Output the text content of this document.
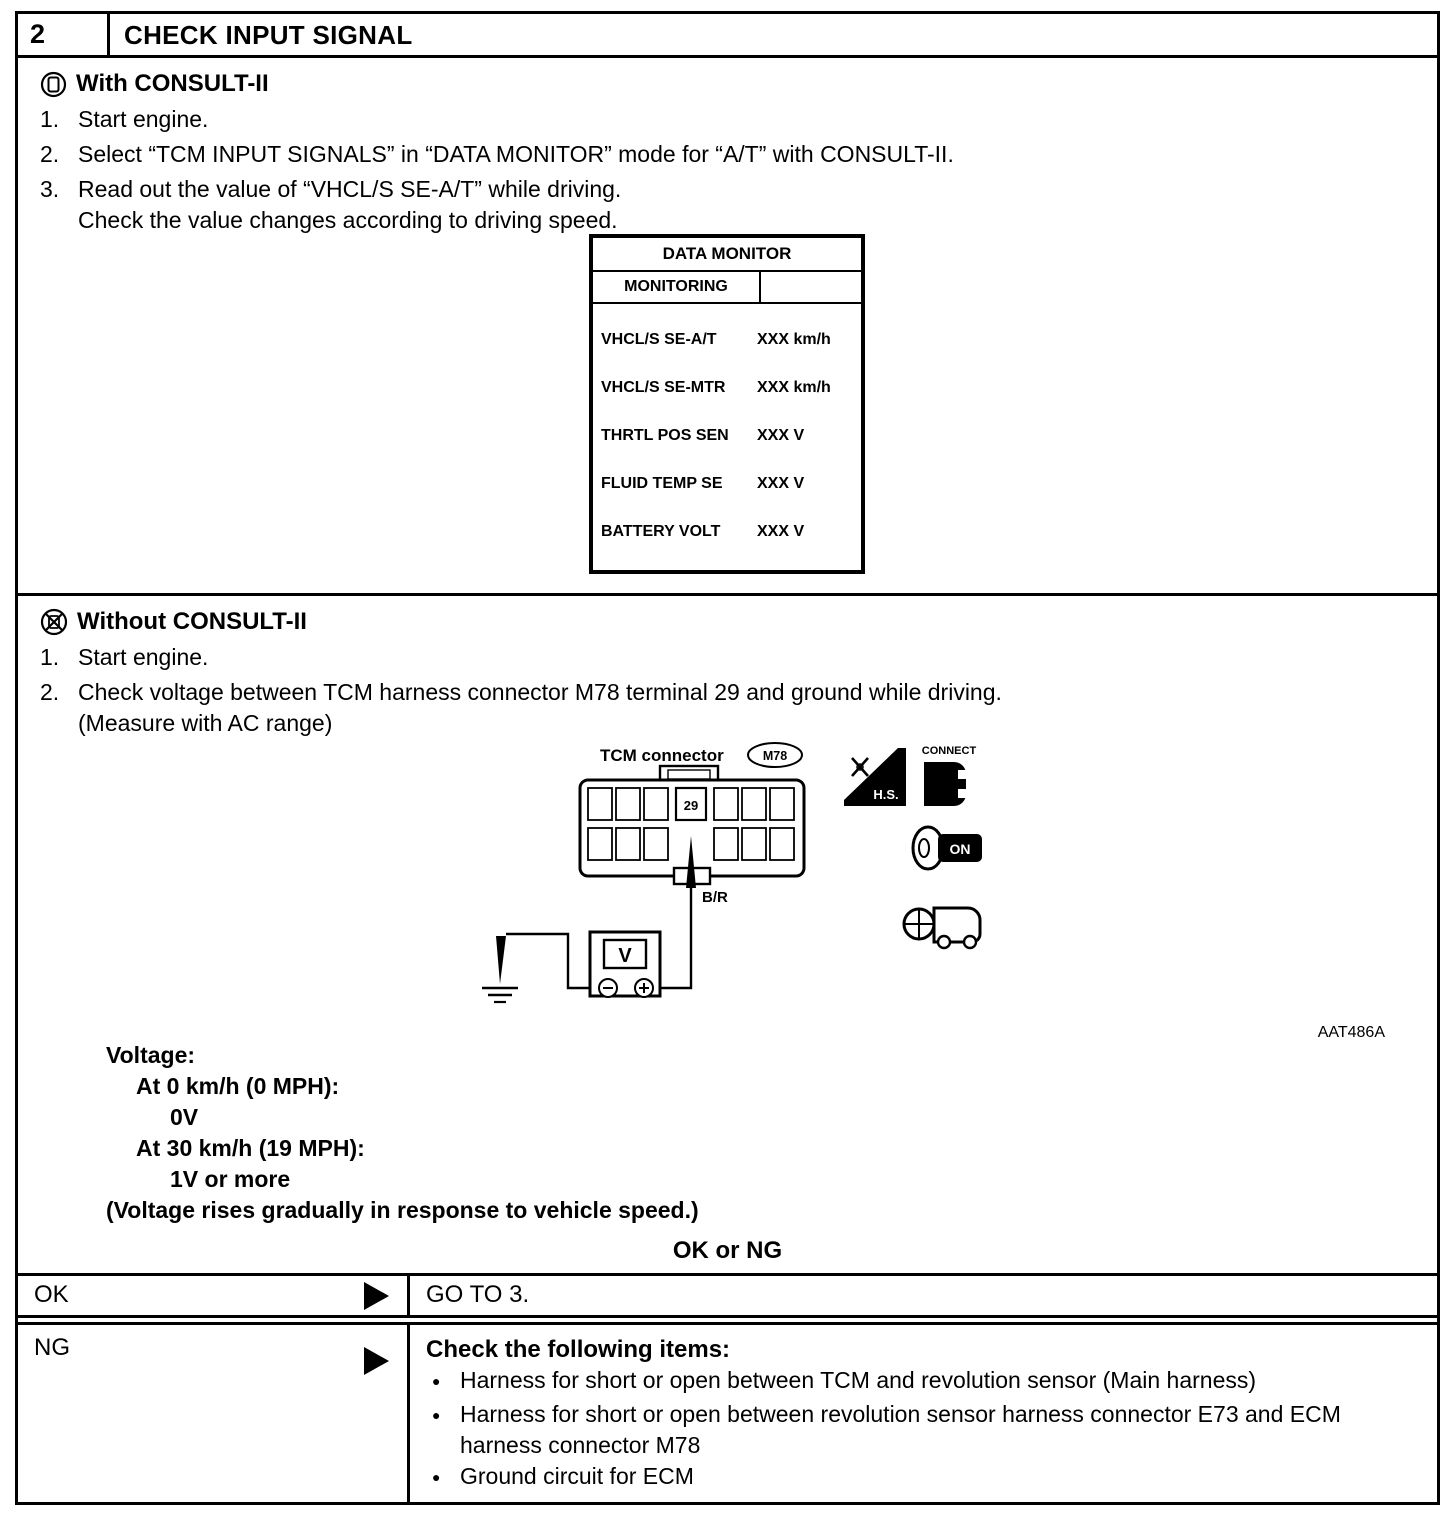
2	CHECK INPUT SIGNAL
With CONSULT-II
1. Start engine.
2. Select “TCM INPUT SIGNALS” in “DATA MONITOR” mode for “A/T” with CONSULT-II.
3. Read out the value of “VHCL/S SE-A/T” while driving.
Check the value changes according to driving speed.
DATA MONITOR
MONITORING
VHCL/S SE-A/T	XXX km/h
VHCL/S SE-MTR	XXX km/h
THRTL POS SEN	XXX V
FLUID TEMP SE	XXX V
BATTERY VOLT	XXX V
Without CONSULT-II
1. Start engine.
2. Check voltage between TCM harness connector M78 terminal 29 and ground while driving.
(Measure with AC range)
TCM connector	M78
29
B/R
V
H.S.
CONNECT
ON
AAT486A
Voltage:
At 0 km/h (0 MPH):
0V
At 30 km/h (19 MPH):
1V or more
(Voltage rises gradually in response to vehicle speed.)
OK or NG
OK	GO TO 3.
NG	Check the following items:
●
Harness for short or open between TCM and revolution sensor (Main harness)
●
Harness for short or open between revolution sensor harness connector E73 and ECM harness connector M78
●
Ground circuit for ECM
